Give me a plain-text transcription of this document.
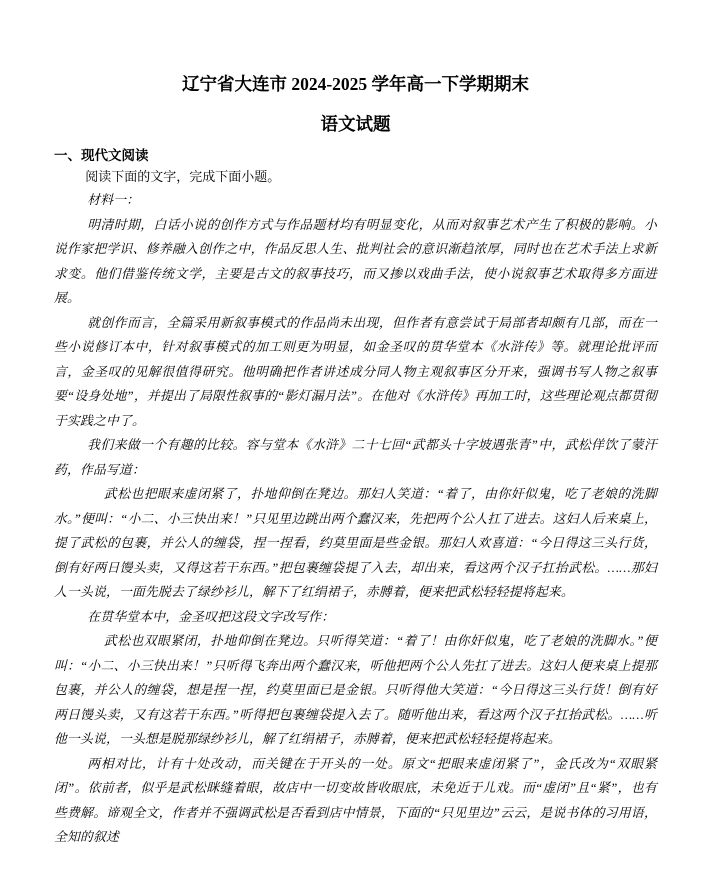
辽宁省大连市 2024-2025 学年高一下学期期末
语文试题
一、现代文阅读

阅读下面的文字，完成下面小题。

材料一：

明清时期，白话小说的创作方式与作品题材均有明显变化，从而对叙事艺术产生了积极的影响。小说作家把学识、修养融入创作之中，作品反思人生、批判社会的意识渐趋浓厚，同时也在艺术手法上求新求变。他们借鉴传统文学，主要是古文的叙事技巧，而又掺以戏曲手法，使小说叙事艺术取得多方面进展。

就创作而言，全篇采用新叙事模式的作品尚未出现，但作者有意尝试于局部者却颇有几部，而在一些小说修订本中，针对叙事模式的加工则更为明显，如金圣叹的贯华堂本《水浒传》等。就理论批评而言，金圣叹的见解很值得研究。他明确把作者讲述成分同人物主观叙事区分开来，强调书写人物之叙事要“设身处地”，并提出了局限性叙事的“影灯漏月法”。在他对《水浒传》再加工时，这些理论观点都贯彻于实践之中了。

我们来做一个有趣的比较。容与堂本《水浒》二十七回“武都头十字坡遇张青”中，武松佯饮了蒙汗药，作品写道：

武松也把眼来虚闭紧了，扑地仰倒在凳边。那妇人笑道：“着了，由你奸似鬼，吃了老娘的洗脚水。”便叫：“小二、小三快出来！”只见里边跳出两个蠢汉来，先把两个公人扛了进去。这妇人后来桌上，提了武松的包裹，并公人的缠袋，捏一捏看，约莫里面是些金银。那妇人欢喜道：“今日得这三头行货，倒有好两日馒头卖，又得这若干东西。”把包裹缠袋提了入去，却出来，看这两个汉子扛抬武松。……那妇人一头说，一面先脱去了绿纱衫儿，解下了红绢裙子，赤膊着，便来把武松轻轻提将起来。

在贯华堂本中，金圣叹把这段文字改写作：

武松也双眼紧闭，扑地仰倒在凳边。只听得笑道：“着了！由你奸似鬼，吃了老娘的洗脚水。”便叫：“小二、小三快出来！”只听得飞奔出两个蠢汉来，听他把两个公人先扛了进去。这妇人便来桌上提那包裹，并公人的缠袋，想是捏一捏，约莫里面已是金银。只听得他大笑道：“今日得这三头行货！倒有好两日馒头卖，又有这若干东西。”听得把包裹缠袋提入去了。随听他出来，看这两个汉子扛抬武松。……听他一头说，一头想是脱那绿纱衫儿，解了红绢裙子，赤膊着，便来把武松轻轻提将起来。

两相对比，计有十处改动，而关键在于开头的一处。原文“把眼来虚闭紧了”，金氏改为“双眼紧闭”。依前者，似乎是武松眯缝着眼，故店中一切变故皆收眼底，未免近于儿戏。而“虚闭”且“紧”，也有些费解。谛观全文，作者并不强调武松是否看到店中情景，下面的“只见里边”云云，是说书体的习用语，全知的叙述
